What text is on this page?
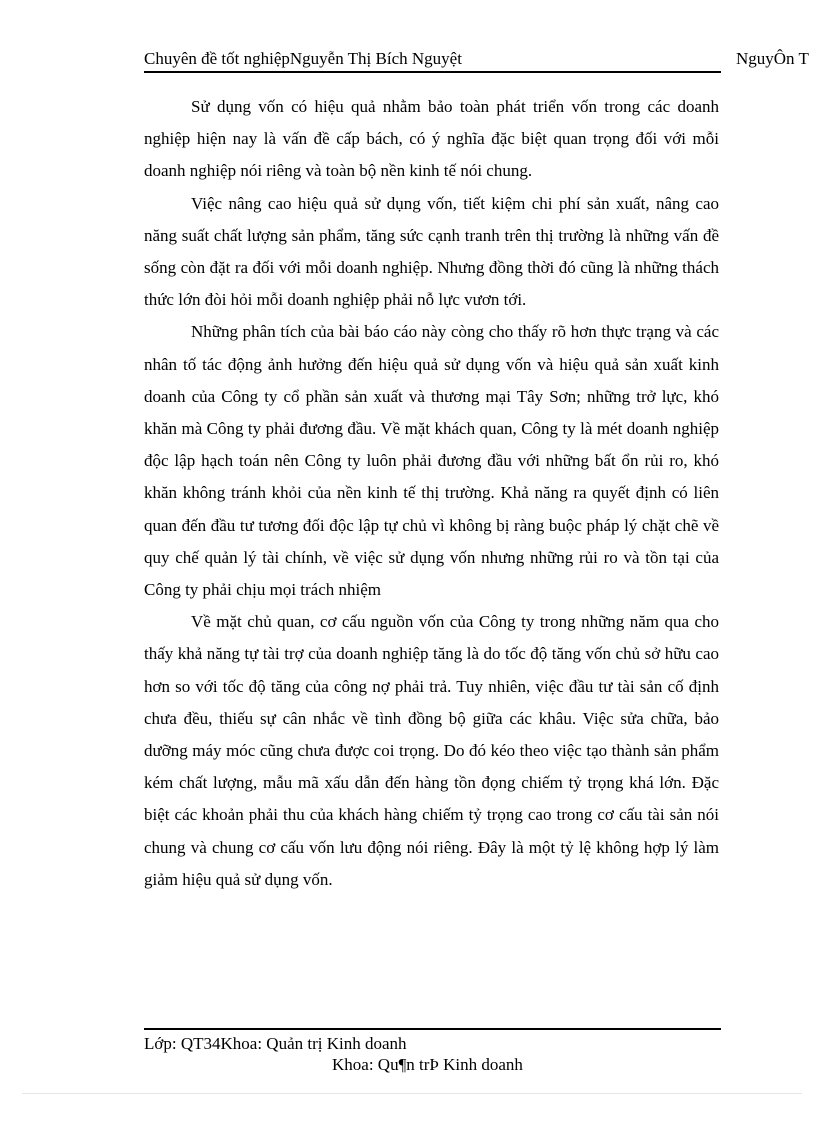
Chuyên đề tốt nghiệpNguyễn Thị Bích Nguyệt	NguyÔn T

Sử dụng vốn có hiệu quả nhằm bảo toàn phát triển vốn trong các doanh nghiệp hiện nay là vấn đề cấp bách, có ý nghĩa đặc biệt quan trọng đối với mỗi doanh nghiệp nói riêng và toàn bộ nền kinh tế nói chung.

Việc nâng cao hiệu quả sử dụng vốn, tiết kiệm chi phí sản xuất, nâng cao năng suất chất lượng sản phẩm, tăng sức cạnh tranh trên thị trường là những vấn đề sống còn đặt ra đối với mỗi doanh nghiệp. Nhưng đồng thời đó cũng là những thách thức lớn đòi hỏi mỗi doanh nghiệp phải nỗ lực vươn tới.

Những phân tích của bài báo cáo này còng cho thấy rõ hơn thực trạng và các nhân tố tác động ảnh hưởng đến hiệu quả sử dụng vốn và hiệu quả sản xuất kinh doanh của Công ty cổ phần sản xuất và thương mại Tây Sơn; những trở lực, khó khăn mà Công ty phải đương đầu. Về mặt khách quan, Công ty là mét doanh nghiệp độc lập hạch toán nên Công ty luôn phải đương đầu với những bất ổn rủi ro, khó khăn không tránh khỏi của nền kinh tế thị trường. Khả năng ra quyết định có liên quan đến đầu tư tương đối độc lập tự chủ vì không bị ràng buộc pháp lý chặt chẽ về quy chế quản lý tài chính, về việc sử dụng vốn nhưng những rủi ro và tồn tại của Công ty phải chịu mọi trách nhiệm

Về mặt chủ quan, cơ cấu nguồn vốn của Công ty trong những năm qua cho thấy khả năng tự tài trợ của doanh nghiệp tăng là do tốc độ tăng vốn chủ sở hữu cao hơn so với tốc độ tăng của công nợ phải trả. Tuy nhiên, việc đầu tư tài sản cố định chưa đều, thiếu sự cân nhắc về tình đồng bộ giữa các khâu. Việc sửa chữa, bảo dưỡng máy móc cũng chưa được coi trọng. Do đó kéo theo việc tạo thành sản phẩm kém chất lượng, mẫu mã xấu dẫn đến hàng tồn đọng chiếm tỷ trọng khá lớn. Đặc biệt các khoản phải thu của khách hàng chiếm tỷ trọng cao trong cơ cấu tài sản nói chung và chung cơ cấu vốn lưu động nói riêng. Đây là một tỷ lệ không hợp lý làm giảm hiệu quả sử dụng vốn.

Lớp: QT34Khoa: Quản trị Kinh doanh
Khoa: Qu¶n trÞ Kinh doanh
